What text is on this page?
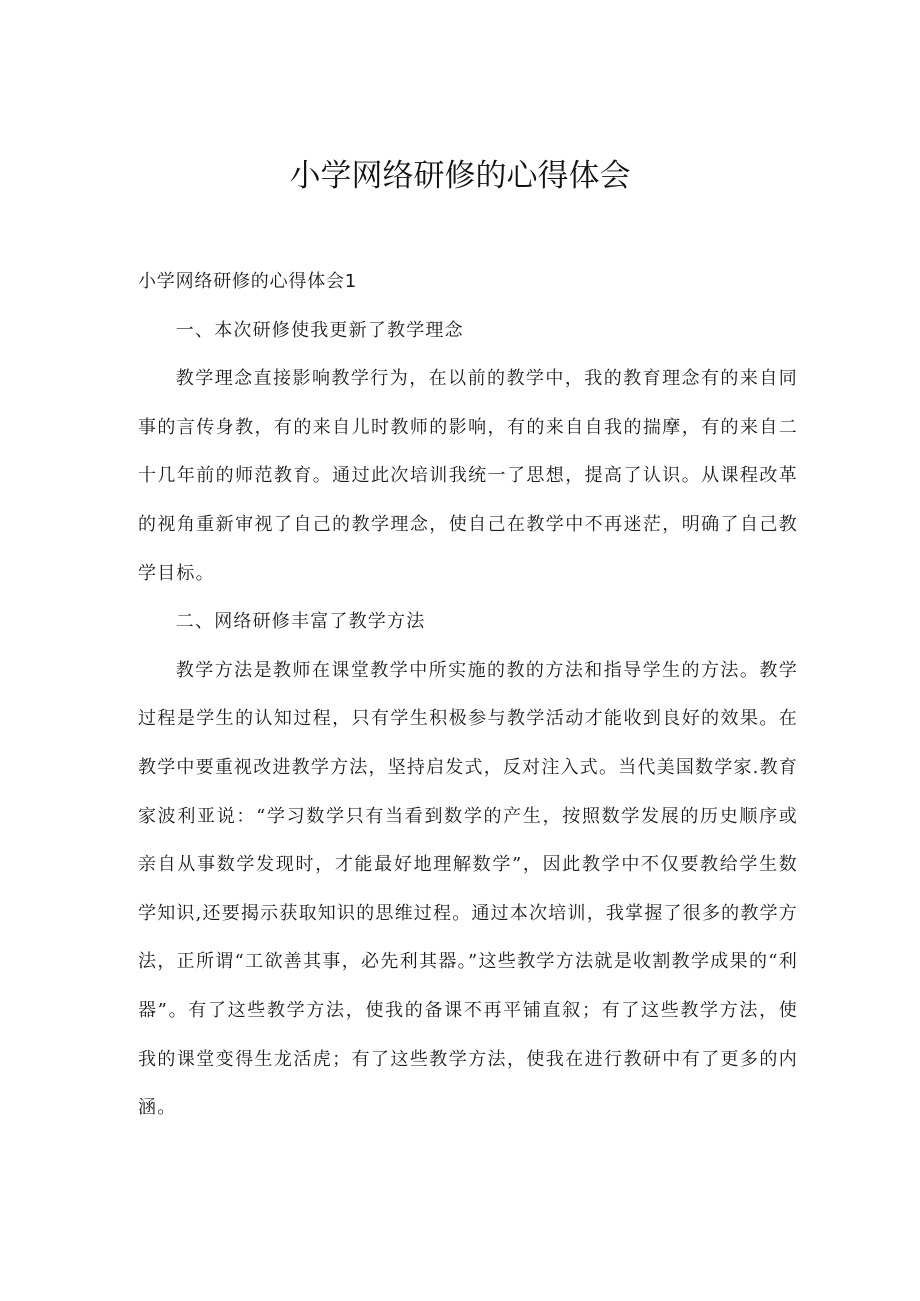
小学网络研修的心得体会

小学网络研修的心得体会1

一、本次研修使我更新了教学理念

教学理念直接影响教学行为，在以前的教学中，我的教育理念有的来自同事的言传身教，有的来自儿时教师的影响，有的来自自我的揣摩，有的来自二十几年前的师范教育。通过此次培训我统一了思想，提高了认识。从课程改革的视角重新审视了自己的教学理念，使自己在教学中不再迷茫，明确了自己教学目标。

二、网络研修丰富了教学方法

教学方法是教师在课堂教学中所实施的教的方法和指导学生的方法。教学过程是学生的认知过程，只有学生积极参与教学活动才能收到良好的效果。在教学中要重视改进教学方法，坚持启发式，反对注入式。当代美国数学家.教育家波利亚说：“学习数学只有当看到数学的产生，按照数学发展的历史顺序或亲自从事数学发现时，才能最好地理解数学”，因此教学中不仅要教给学生数学知识,还要揭示获取知识的思维过程。通过本次培训，我掌握了很多的教学方法，正所谓“工欲善其事，必先利其器。”这些教学方法就是收割教学成果的“利器”。有了这些教学方法，使我的备课不再平铺直叙；有了这些教学方法，使我的课堂变得生龙活虎；有了这些教学方法，使我在进行教研中有了更多的内涵。
